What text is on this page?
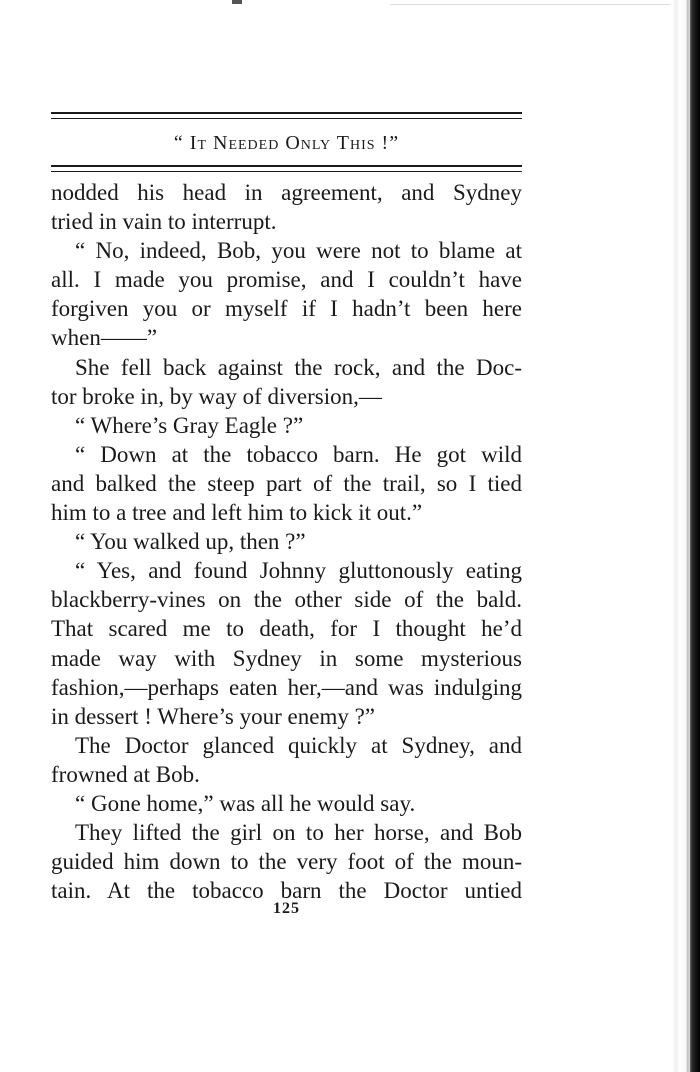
“ It Needed Only This !”

nodded his head in agreement, and Sydney

tried in vain to interrupt.

“ No, indeed, Bob, you were not to blame at

all. I made you promise, and I couldn’t have

forgiven you or myself if I hadn’t been here

when——”

She fell back against the rock, and the Doc-

tor broke in, by way of diversion,—

“ Where’s Gray Eagle ?”

“ Down at the tobacco barn. He got wild

and balked the steep part of the trail, so I tied

him to a tree and left him to kick it out.”

“ You walked up, then ?”

“ Yes, and found Johnny gluttonously eating

blackberry-vines on the other side of the bald.

That scared me to death, for I thought he’d

made way with Sydney in some mysterious

fashion,—perhaps eaten her,—and was indulging

in dessert ! Where’s your enemy ?”

The Doctor glanced quickly at Sydney, and

frowned at Bob.

“ Gone home,” was all he would say.

They lifted the girl on to her horse, and Bob

guided him down to the very foot of the moun-

tain. At the tobacco barn the Doctor untied

125
